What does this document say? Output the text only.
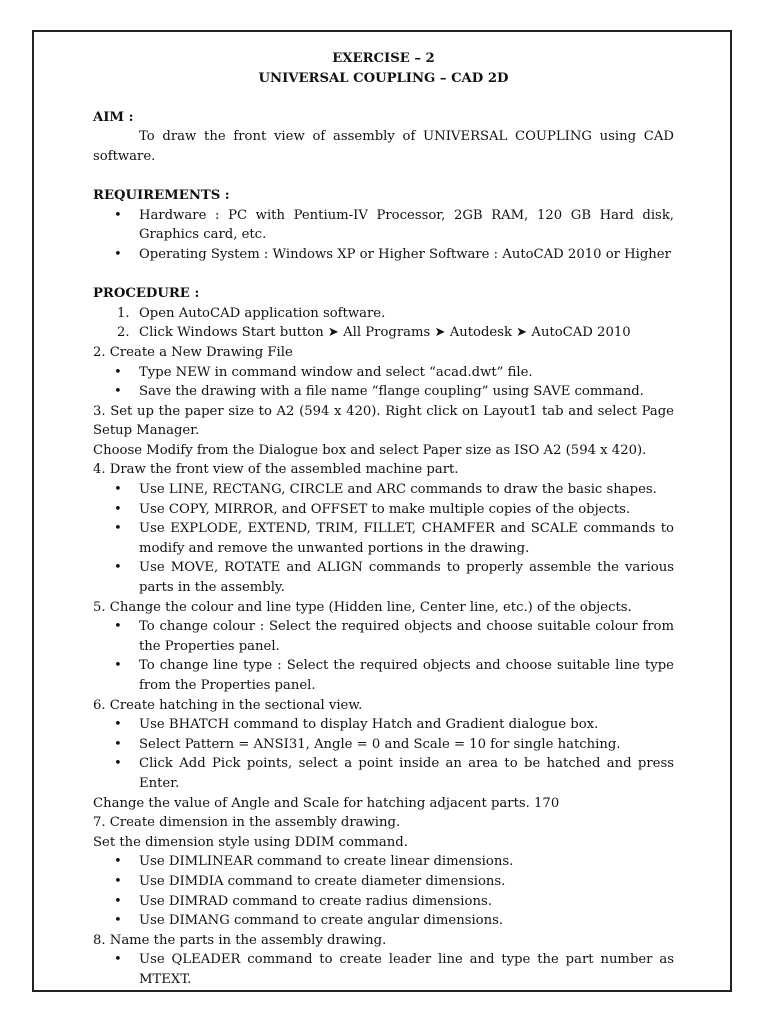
EXERCISE – 2
UNIVERSAL COUPLING – CAD 2D
AIM :
To draw the front view of assembly of UNIVERSAL COUPLING using CAD software.
REQUIREMENTS :
• Hardware : PC with Pentium-IV Processor, 2GB RAM, 120 GB Hard disk, Graphics card, etc.
• Operating System : Windows XP or Higher Software : AutoCAD 2010 or Higher
PROCEDURE :
1. Open AutoCAD application software.
2. Click Windows Start button ➤ All Programs ➤ Autodesk ➤ AutoCAD 2010
2. Create a New Drawing File
• Type NEW in command window and select “acad.dwt” file.
• Save the drawing with a file name “flange coupling” using SAVE command.
3. Set up the paper size to A2 (594 x 420). Right click on Layout1 tab and select Page Setup Manager.
Choose Modify from the Dialogue box and select Paper size as ISO A2 (594 x 420).
4. Draw the front view of the assembled machine part.
• Use LINE, RECTANG, CIRCLE and ARC commands to draw the basic shapes.
• Use COPY, MIRROR, and OFFSET to make multiple copies of the objects.
• Use EXPLODE, EXTEND, TRIM, FILLET, CHAMFER and SCALE commands to modify and remove the unwanted portions in the drawing.
• Use MOVE, ROTATE and ALIGN commands to properly assemble the various parts in the assembly.
5. Change the colour and line type (Hidden line, Center line, etc.) of the objects.
• To change colour : Select the required objects and choose suitable colour from the Properties panel.
• To change line type : Select the required objects and choose suitable line type from the Properties panel.
6. Create hatching in the sectional view.
• Use BHATCH command to display Hatch and Gradient dialogue box.
• Select Pattern = ANSI31, Angle = 0 and Scale = 10 for single hatching.
• Click Add Pick points, select a point inside an area to be hatched and press Enter.
Change the value of Angle and Scale for hatching adjacent parts. 170
7. Create dimension in the assembly drawing.
Set the dimension style using DDIM command.
• Use DIMLINEAR command to create linear dimensions.
• Use DIMDIA command to create diameter dimensions.
• Use DIMRAD command to create radius dimensions.
• Use DIMANG command to create angular dimensions.
8. Name the parts in the assembly drawing.
• Use QLEADER command to create leader line and type the part number as MTEXT.
